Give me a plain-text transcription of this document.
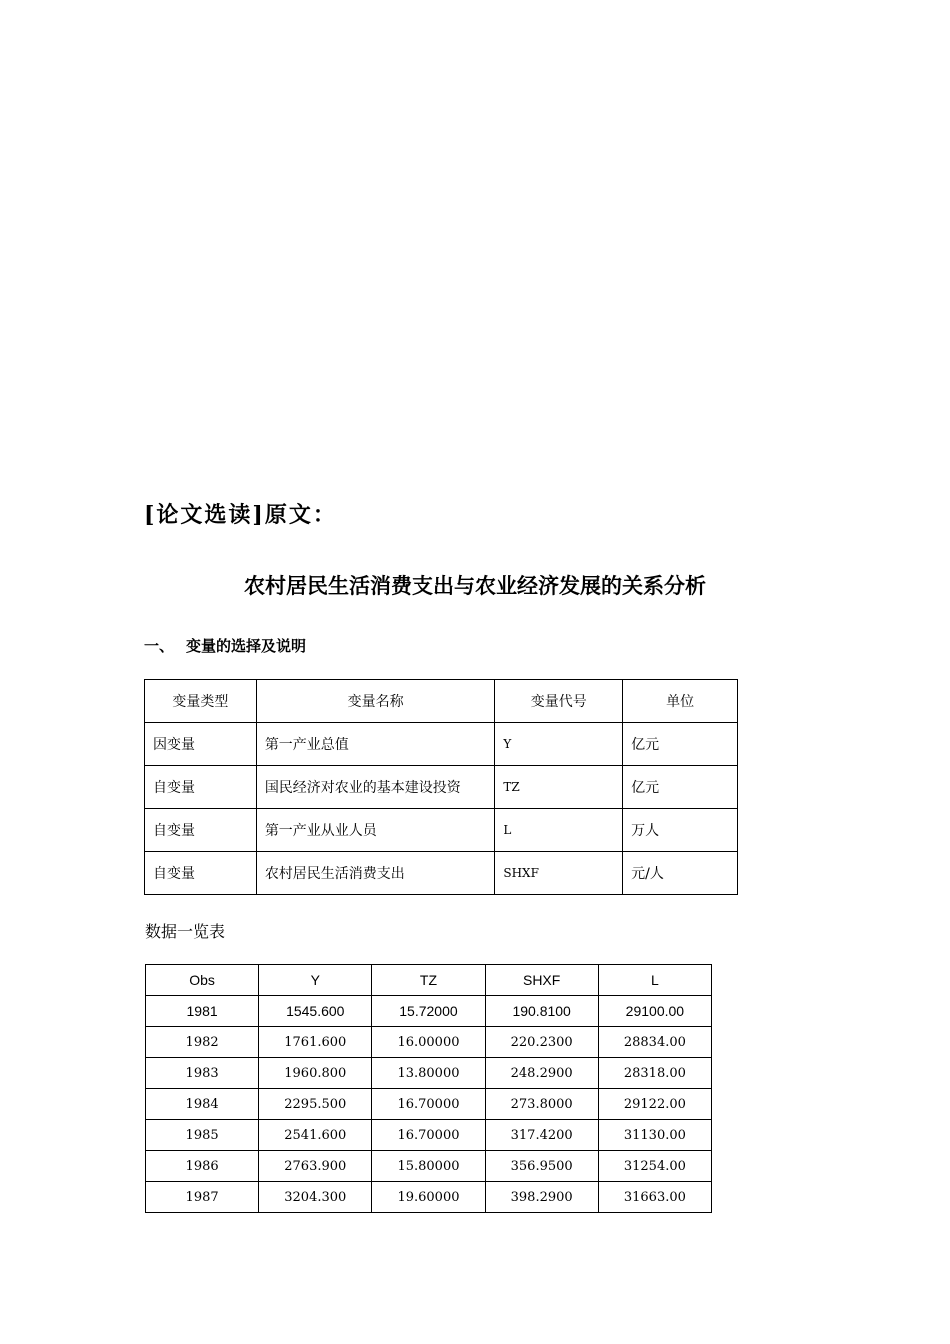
[论文选读]原文：
农村居民生活消费支出与农业经济发展的关系分析
一、 变量的选择及说明
变量类型	变量名称	变量代号	单位
因变量	第一产业总值	Y	亿元
自变量	国民经济对农业的基本建设投资	TZ	亿元
自变量	第一产业从业人员	L	万人
自变量	农村居民生活消费支出	SHXF	元/人
数据一览表
Obs	Y	TZ	SHXF	L
1981	1545.600	15.72000	190.8100	29100.00
1982	1761.600	16.00000	220.2300	28834.00
1983	1960.800	13.80000	248.2900	28318.00
1984	2295.500	16.70000	273.8000	29122.00
1985	2541.600	16.70000	317.4200	31130.00
1986	2763.900	15.80000	356.9500	31254.00
1987	3204.300	19.60000	398.2900	31663.00
